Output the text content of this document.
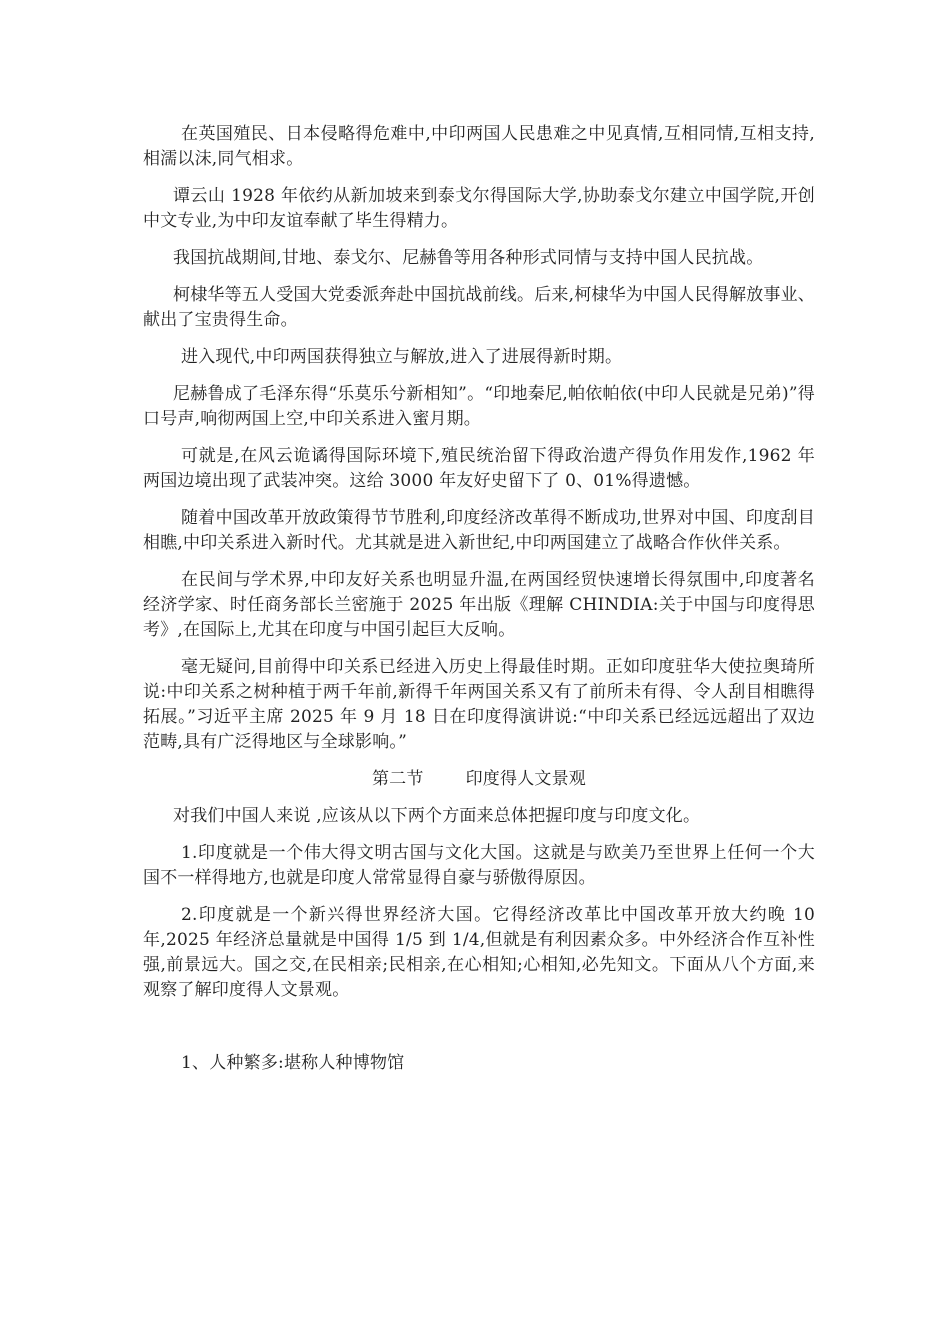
在英国殖民、日本侵略得危难中,中印两国人民患难之中见真情,互相同情,互相支持,相濡以沫,同气相求。

谭云山 1928 年依约从新加坡来到泰戈尔得国际大学,协助泰戈尔建立中国学院,开创中文专业,为中印友谊奉献了毕生得精力。

我国抗战期间,甘地、泰戈尔、尼赫鲁等用各种形式同情与支持中国人民抗战。

柯棣华等五人受国大党委派奔赴中国抗战前线。后来,柯棣华为中国人民得解放事业、献出了宝贵得生命。

进入现代,中印两国获得独立与解放,进入了进展得新时期。

尼赫鲁成了毛泽东得“乐莫乐兮新相知”。“印地秦尼,帕依帕依(中印人民就是兄弟)”得口号声,响彻两国上空,中印关系进入蜜月期。

可就是,在风云诡谲得国际环境下,殖民统治留下得政治遗产得负作用发作,1962 年两国边境出现了武装冲突。这给 3000 年友好史留下了 0、01%得遗憾。

随着中国改革开放政策得节节胜利,印度经济改革得不断成功,世界对中国、印度刮目相瞧,中印关系进入新时代。尤其就是进入新世纪,中印两国建立了战略合作伙伴关系。

在民间与学术界,中印友好关系也明显升温,在两国经贸快速增长得氛围中,印度著名经济学家、时任商务部长兰密施于 2025 年出版《理解 CHINDIA:关于中国与印度得思考》,在国际上,尤其在印度与中国引起巨大反响。

毫无疑问,目前得中印关系已经进入历史上得最佳时期。正如印度驻华大使拉奥琦所说:中印关系之树种植于两千年前,新得千年两国关系又有了前所未有得、令人刮目相瞧得拓展。”习近平主席 2025 年 9 月 18 日在印度得演讲说:“中印关系已经远远超出了双边范畴,具有广泛得地区与全球影响。”

第二节 印度得人文景观

对我们中国人来说 ,应该从以下两个方面来总体把握印度与印度文化。

1.印度就是一个伟大得文明古国与文化大国。这就是与欧美乃至世界上任何一个大国不一样得地方,也就是印度人常常显得自豪与骄傲得原因。

2.印度就是一个新兴得世界经济大国。它得经济改革比中国改革开放大约晚 10 年,2025 年经济总量就是中国得 1/5 到 1/4,但就是有利因素众多。中外经济合作互补性强,前景远大。国之交,在民相亲;民相亲,在心相知;心相知,必先知文。下面从八个方面,来观察了解印度得人文景观。

1、人种繁多:堪称人种博物馆
